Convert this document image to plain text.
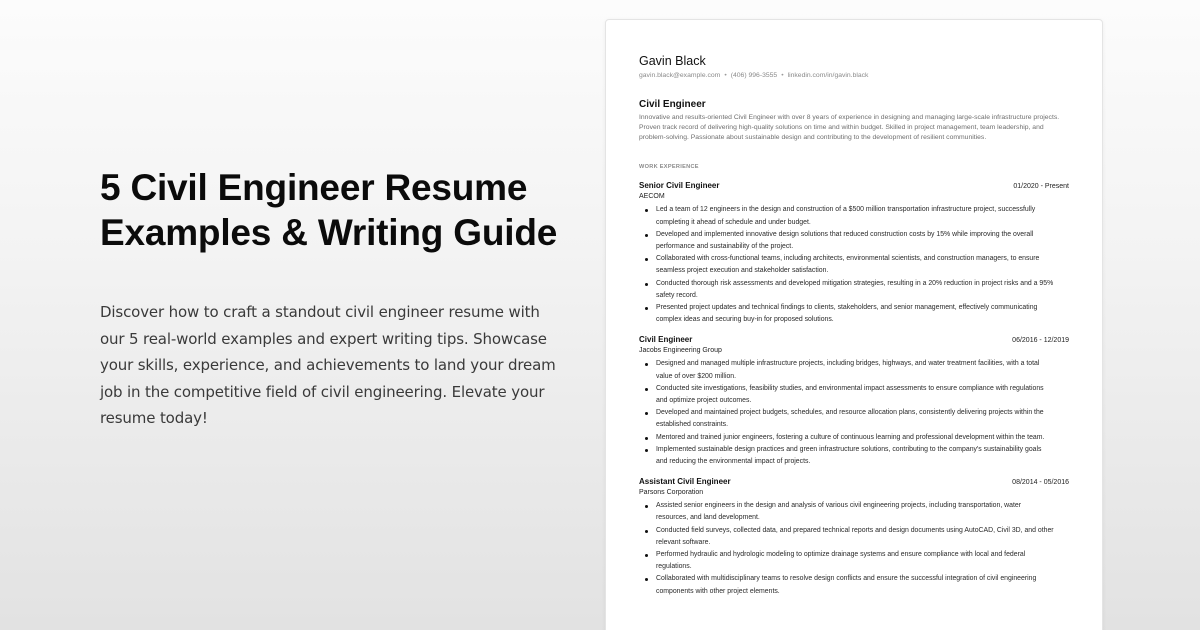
5 Civil Engineer Resume Examples & Writing Guide

Discover how to craft a standout civil engineer resume with our 5 real-world examples and expert writing tips. Showcase your skills, experience, and achievements to land your dream job in the competitive field of civil engineering. Elevate your resume today!

Gavin Black
gavin.black@example.com • (406) 996-3555 • linkedin.com/in/gavin.black
Civil Engineer
Innovative and results-oriented Civil Engineer with over 8 years of experience in designing and managing large-scale infrastructure projects. Proven track record of delivering high-quality solutions on time and within budget. Skilled in project management, team leadership, and problem-solving. Passionate about sustainable design and contributing to the development of resilient communities.
WORK EXPERIENCE
Senior Civil Engineer	01/2020 - Present
AECOM
Led a team of 12 engineers in the design and construction of a $500 million transportation infrastructure project, successfully completing it ahead of schedule and under budget.
Developed and implemented innovative design solutions that reduced construction costs by 15% while improving the overall performance and sustainability of the project.
Collaborated with cross-functional teams, including architects, environmental scientists, and construction managers, to ensure seamless project execution and stakeholder satisfaction.
Conducted thorough risk assessments and developed mitigation strategies, resulting in a 20% reduction in project risks and a 95% safety record.
Presented project updates and technical findings to clients, stakeholders, and senior management, effectively communicating complex ideas and securing buy-in for proposed solutions.
Civil Engineer	06/2016 - 12/2019
Jacobs Engineering Group
Designed and managed multiple infrastructure projects, including bridges, highways, and water treatment facilities, with a total value of over $200 million.
Conducted site investigations, feasibility studies, and environmental impact assessments to ensure compliance with regulations and optimize project outcomes.
Developed and maintained project budgets, schedules, and resource allocation plans, consistently delivering projects within the established constraints.
Mentored and trained junior engineers, fostering a culture of continuous learning and professional development within the team.
Implemented sustainable design practices and green infrastructure solutions, contributing to the company's sustainability goals and reducing the environmental impact of projects.
Assistant Civil Engineer	08/2014 - 05/2016
Parsons Corporation
Assisted senior engineers in the design and analysis of various civil engineering projects, including transportation, water resources, and land development.
Conducted field surveys, collected data, and prepared technical reports and design documents using AutoCAD, Civil 3D, and other relevant software.
Performed hydraulic and hydrologic modeling to optimize drainage systems and ensure compliance with local and federal regulations.
Collaborated with multidisciplinary teams to resolve design conflicts and ensure the successful integration of civil engineering components with other project elements.
